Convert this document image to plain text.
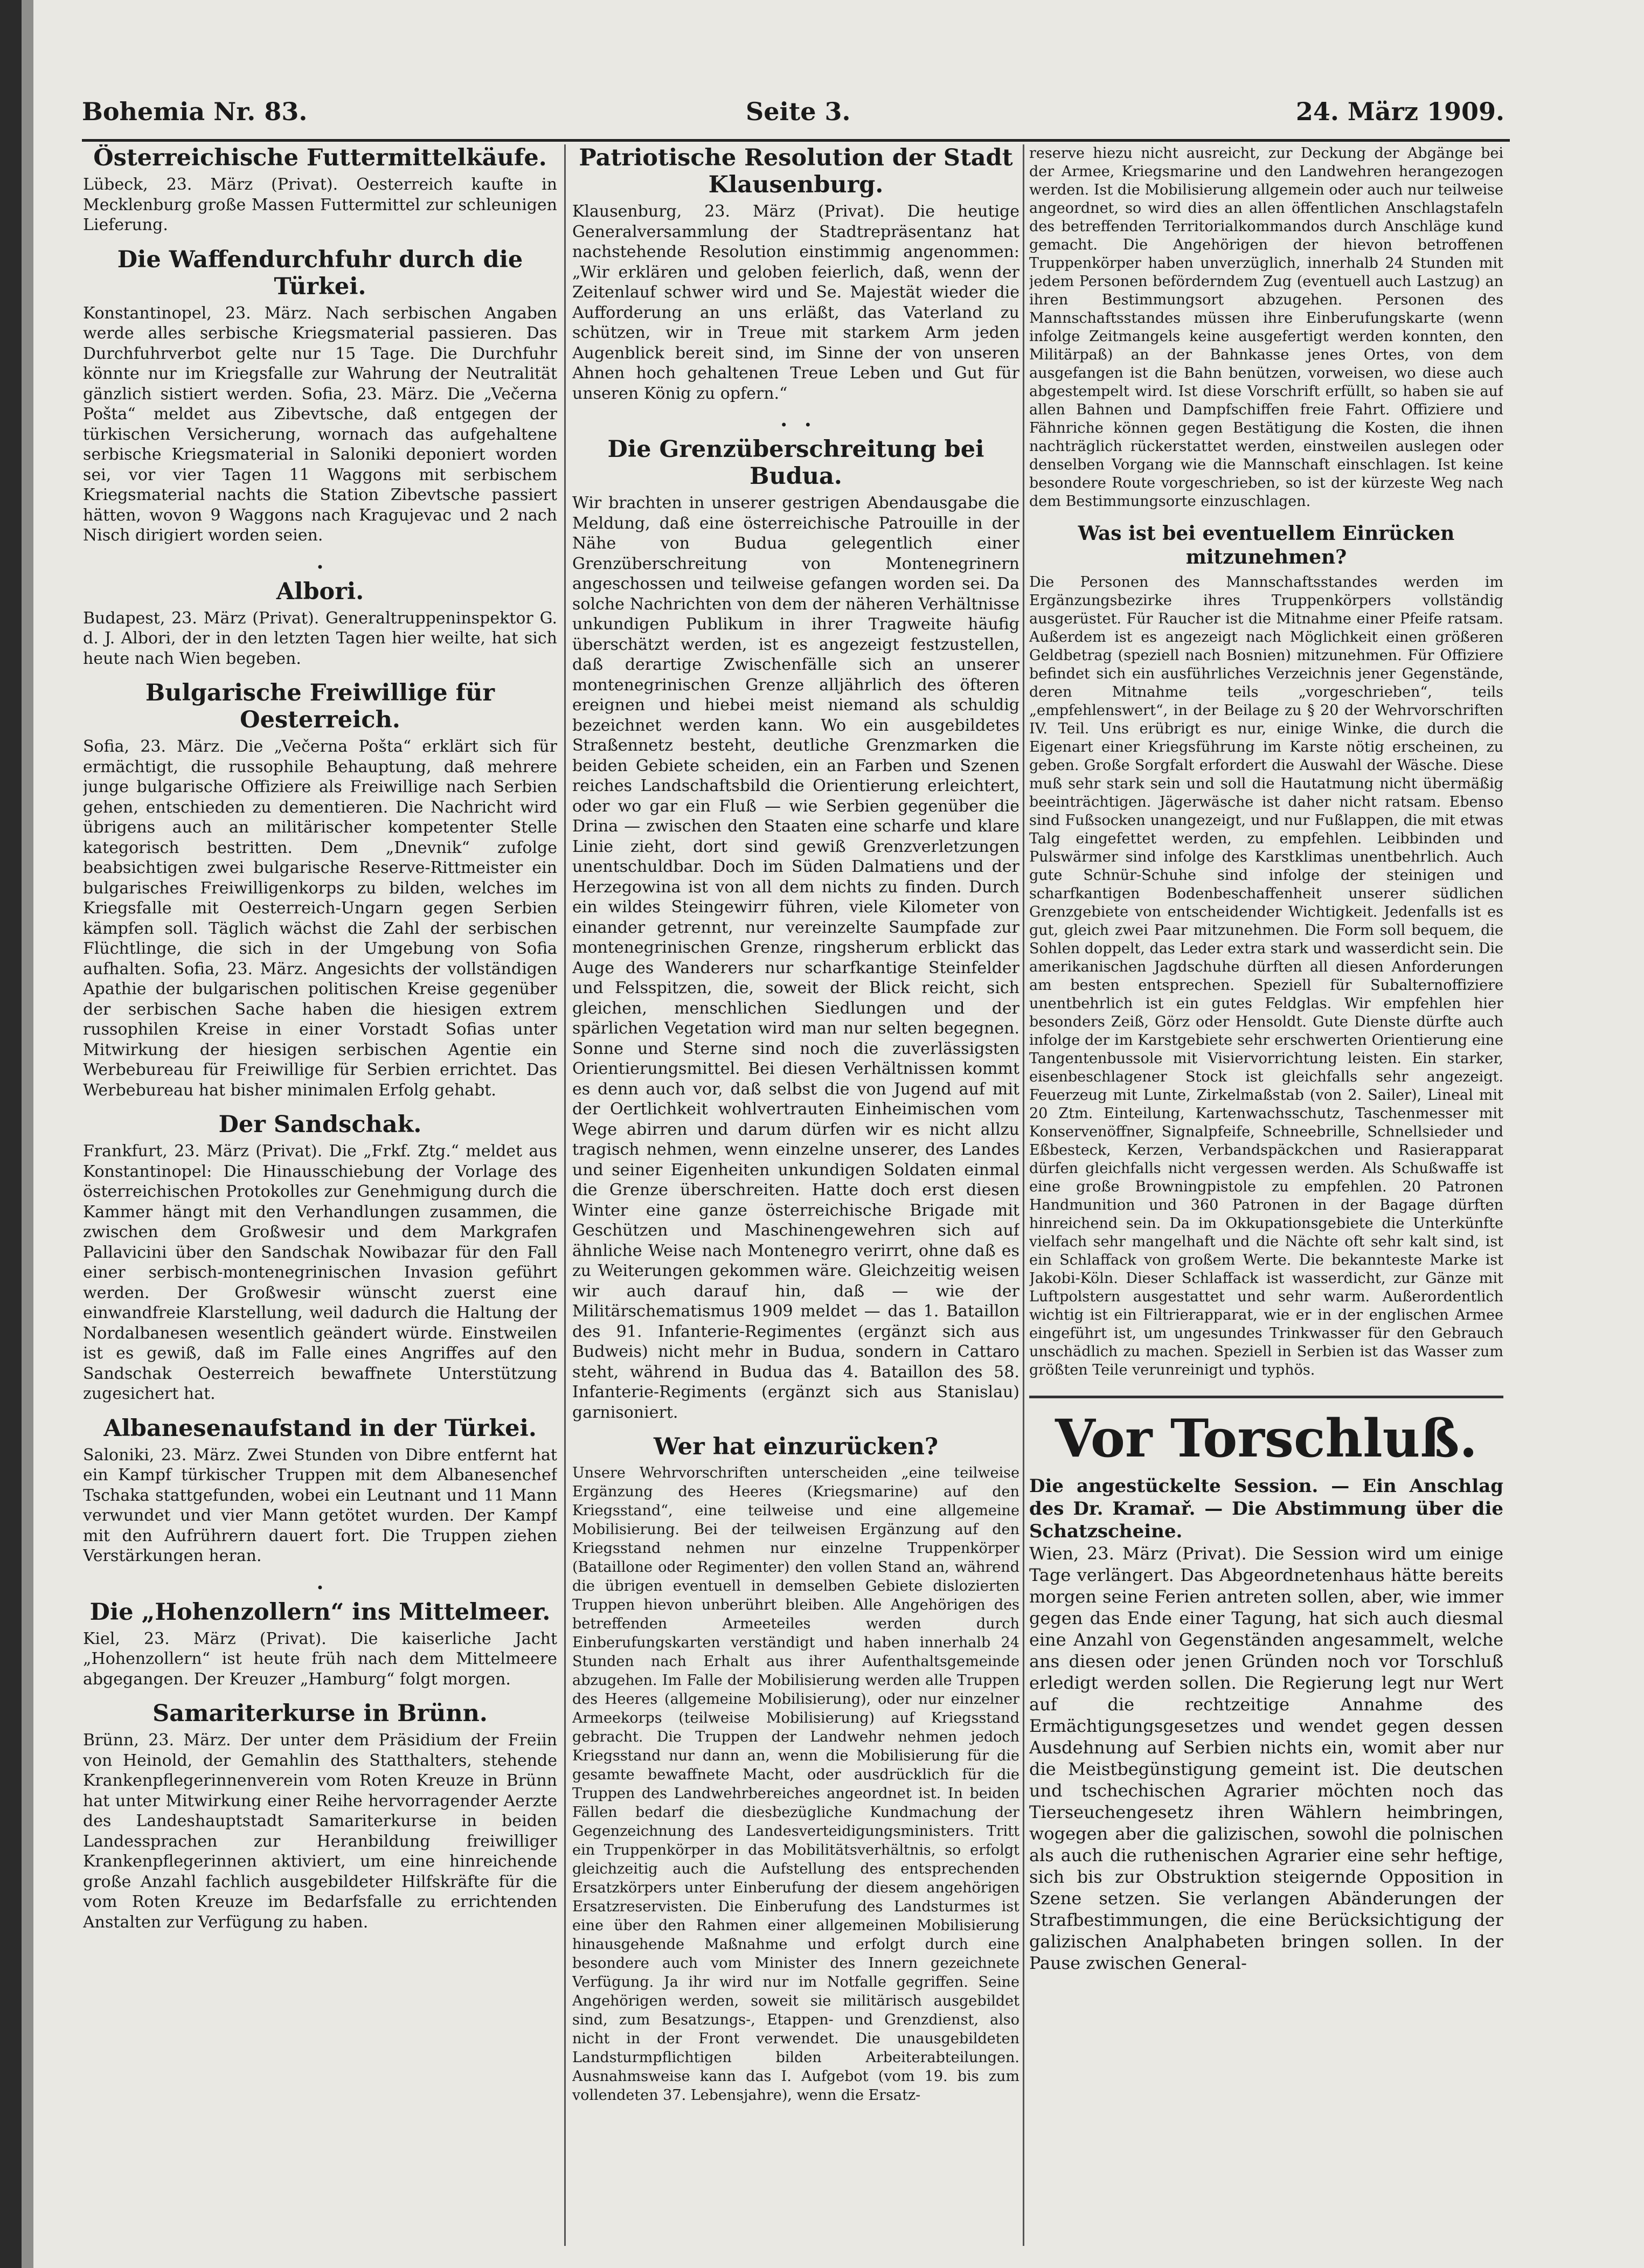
Bohemia Nr. 83.	Seite 3.	24. März 1909.
Österreichische Futtermittelkäufe.

Lübeck, 23. März (Privat). Oesterreich kaufte in Mecklenburg große Massen Futtermittel zur schleunigen Lieferung.

Die Waffendurchfuhr durch die Türkei.

Konstantinopel, 23. März. Nach serbischen Angaben werde alles serbische Kriegsmaterial passieren. Das Durchfuhrverbot gelte nur 15 Tage. Die Durchfuhr könnte nur im Kriegsfalle zur Wahrung der Neutralität gänzlich sistiert werden. Sofia, 23. März. Die „Večerna Pošta“ meldet aus Zibevtsche, daß entgegen der türkischen Versicherung, wornach das aufgehaltene serbische Kriegsmaterial in Saloniki deponiert worden sei, vor vier Tagen 11 Waggons mit serbischem Kriegsmaterial nachts die Station Zibevtsche passiert hätten, wovon 9 Waggons nach Kragujevac und 2 nach Nisch dirigiert worden seien.

•
Albori.

Budapest, 23. März (Privat). Generaltruppeninspektor G. d. J. Albori, der in den letzten Tagen hier weilte, hat sich heute nach Wien begeben.

Bulgarische Freiwillige für Oesterreich.

Sofia, 23. März. Die „Večerna Pošta“ erklärt sich für ermächtigt, die russophile Behauptung, daß mehrere junge bulgarische Offiziere als Freiwillige nach Serbien gehen, entschieden zu dementieren. Die Nachricht wird übrigens auch an militärischer kompetenter Stelle kategorisch bestritten. Dem „Dnevnik“ zufolge beabsichtigen zwei bulgarische Reserve-Rittmeister ein bulgarisches Freiwilligenkorps zu bilden, welches im Kriegsfalle mit Oesterreich-Ungarn gegen Serbien kämpfen soll. Täglich wächst die Zahl der serbischen Flüchtlinge, die sich in der Umgebung von Sofia aufhalten. Sofia, 23. März. Angesichts der vollständigen Apathie der bulgarischen politischen Kreise gegenüber der serbischen Sache haben die hiesigen extrem russophilen Kreise in einer Vorstadt Sofias unter Mitwirkung der hiesigen serbischen Agentie ein Werbebureau für Freiwillige für Serbien errichtet. Das Werbebureau hat bisher minimalen Erfolg gehabt.

Der Sandschak.

Frankfurt, 23. März (Privat). Die „Frkf. Ztg.“ meldet aus Konstantinopel: Die Hinausschiebung der Vorlage des österreichischen Protokolles zur Genehmigung durch die Kammer hängt mit den Verhandlungen zusammen, die zwischen dem Großwesir und dem Markgrafen Pallavicini über den Sandschak Nowibazar für den Fall einer serbisch-montenegrinischen Invasion geführt werden. Der Großwesir wünscht zuerst eine einwandfreie Klarstellung, weil dadurch die Haltung der Nordalbanesen wesentlich geändert würde. Einstweilen ist es gewiß, daß im Falle eines Angriffes auf den Sandschak Oesterreich bewaffnete Unterstützung zugesichert hat.

Albanesenaufstand in der Türkei.

Saloniki, 23. März. Zwei Stunden von Dibre entfernt hat ein Kampf türkischer Truppen mit dem Albanesenchef Tschaka stattgefunden, wobei ein Leutnant und 11 Mann verwundet und vier Mann getötet wurden. Der Kampf mit den Aufrührern dauert fort. Die Truppen ziehen Verstärkungen heran.

•
Die „Hohenzollern“ ins Mittelmeer.

Kiel, 23. März (Privat). Die kaiserliche Jacht „Hohenzollern“ ist heute früh nach dem Mittelmeere abgegangen. Der Kreuzer „Hamburg“ folgt morgen.

Samariterkurse in Brünn.

Brünn, 23. März. Der unter dem Präsidium der Freiin von Heinold, der Gemahlin des Statthalters, stehende Krankenpflegerinnenverein vom Roten Kreuze in Brünn hat unter Mitwirkung einer Reihe hervorragender Aerzte des Landeshauptstadt Samariterkurse in beiden Landessprachen zur Heranbildung freiwilliger Krankenpflegerinnen aktiviert, um eine hinreichende große Anzahl fachlich ausgebildeter Hilfskräfte für die vom Roten Kreuze im Bedarfsfalle zu errichtenden Anstalten zur Verfügung zu haben.

Patriotische Resolution der Stadt Klausenburg.

Klausenburg, 23. März (Privat). Die heutige Generalversammlung der Stadtrepräsentanz hat nachstehende Resolution einstimmig angenommen: „Wir erklären und geloben feierlich, daß, wenn der Zeitenlauf schwer wird und Se. Majestät wieder die Aufforderung an uns erläßt, das Vaterland zu schützen, wir in Treue mit starkem Arm jeden Augenblick bereit sind, im Sinne der von unseren Ahnen hoch gehaltenen Treue Leben und Gut für unseren König zu opfern.“

•    •
Die Grenzüberschreitung bei Budua.

Wir brachten in unserer gestrigen Abendausgabe die Meldung, daß eine österreichische Patrouille in der Nähe von Budua gelegentlich einer Grenzüberschreitung von Montenegrinern angeschossen und teilweise gefangen worden sei. Da solche Nachrichten von dem der näheren Verhältnisse unkundigen Publikum in ihrer Tragweite häufig überschätzt werden, ist es angezeigt festzustellen, daß derartige Zwischenfälle sich an unserer montenegrinischen Grenze alljährlich des öfteren ereignen und hiebei meist niemand als schuldig bezeichnet werden kann. Wo ein ausgebildetes Straßennetz besteht, deutliche Grenzmarken die beiden Gebiete scheiden, ein an Farben und Szenen reiches Landschaftsbild die Orientierung erleichtert, oder wo gar ein Fluß — wie Serbien gegenüber die Drina — zwischen den Staaten eine scharfe und klare Linie zieht, dort sind gewiß Grenzverletzungen unentschuldbar. Doch im Süden Dalmatiens und der Herzegowina ist von all dem nichts zu finden. Durch ein wildes Steingewirr führen, viele Kilometer von einander getrennt, nur vereinzelte Saumpfade zur montenegrinischen Grenze, ringsherum erblickt das Auge des Wanderers nur scharfkantige Steinfelder und Felsspitzen, die, soweit der Blick reicht, sich gleichen, menschlichen Siedlungen und der spärlichen Vegetation wird man nur selten begegnen. Sonne und Sterne sind noch die zuverlässigsten Orientierungsmittel. Bei diesen Verhältnissen kommt es denn auch vor, daß selbst die von Jugend auf mit der Oertlichkeit wohlvertrauten Einheimischen vom Wege abirren und darum dürfen wir es nicht allzu tragisch nehmen, wenn einzelne unserer, des Landes und seiner Eigenheiten unkundigen Soldaten einmal die Grenze überschreiten. Hatte doch erst diesen Winter eine ganze österreichische Brigade mit Geschützen und Maschinengewehren sich auf ähnliche Weise nach Montenegro verirrt, ohne daß es zu Weiterungen gekommen wäre. Gleichzeitig weisen wir auch darauf hin, daß — wie der Militärschematismus 1909 meldet — das 1. Bataillon des 91. Infanterie-Regimentes (ergänzt sich aus Budweis) nicht mehr in Budua, sondern in Cattaro steht, während in Budua das 4. Bataillon des 58. Infanterie-Regiments (ergänzt sich aus Stanislau) garnisoniert.

Wer hat einzurücken?

Unsere Wehrvorschriften unterscheiden „eine teilweise Ergänzung des Heeres (Kriegsmarine) auf den Kriegsstand“, eine teilweise und eine allgemeine Mobilisierung. Bei der teilweisen Ergänzung auf den Kriegsstand nehmen nur einzelne Truppenkörper (Bataillone oder Regimenter) den vollen Stand an, während die übrigen eventuell in demselben Gebiete dislozierten Truppen hievon unberührt bleiben. Alle Angehörigen des betreffenden Armeeteiles werden durch Einberufungskarten verständigt und haben innerhalb 24 Stunden nach Erhalt aus ihrer Aufenthaltsgemeinde abzugehen. Im Falle der Mobilisierung werden alle Truppen des Heeres (allgemeine Mobilisierung), oder nur einzelner Armeekorps (teilweise Mobilisierung) auf Kriegsstand gebracht. Die Truppen der Landwehr nehmen jedoch Kriegsstand nur dann an, wenn die Mobilisierung für die gesamte bewaffnete Macht, oder ausdrücklich für die Truppen des Landwehrbereiches angeordnet ist. In beiden Fällen bedarf die diesbezügliche Kundmachung der Gegenzeichnung des Landesverteidigungsministers. Tritt ein Truppenkörper in das Mobilitätsverhältnis, so erfolgt gleichzeitig auch die Aufstellung des entsprechenden Ersatzkörpers unter Einberufung der diesem angehörigen Ersatzreservisten. Die Einberufung des Landsturmes ist eine über den Rahmen einer allgemeinen Mobilisierung hinausgehende Maßnahme und erfolgt durch eine besondere auch vom Minister des Innern gezeichnete Verfügung. Ja ihr wird nur im Notfalle gegriffen. Seine Angehörigen werden, soweit sie militärisch ausgebildet sind, zum Besatzungs-, Etappen- und Grenzdienst, also nicht in der Front verwendet. Die unausgebildeten Landsturmpflichtigen bilden Arbeiterabteilungen. Ausnahmsweise kann das I. Aufgebot (vom 19. bis zum vollendeten 37. Lebensjahre), wenn die Ersatz-

reserve hiezu nicht ausreicht, zur Deckung der Abgänge bei der Armee, Kriegsmarine und den Landwehren herangezogen werden. Ist die Mobilisierung allgemein oder auch nur teilweise angeordnet, so wird dies an allen öffentlichen Anschlagstafeln des betreffenden Territorialkommandos durch Anschläge kund gemacht. Die Angehörigen der hievon betroffenen Truppenkörper haben unverzüglich, innerhalb 24 Stunden mit jedem Personen beförderndem Zug (eventuell auch Lastzug) an ihren Bestimmungsort abzugehen. Personen des Mannschaftsstandes müssen ihre Einberufungskarte (wenn infolge Zeitmangels keine ausgefertigt werden konnten, den Militärpaß) an der Bahnkasse jenes Ortes, von dem ausgefangen ist die Bahn benützen, vorweisen, wo diese auch abgestempelt wird. Ist diese Vorschrift erfüllt, so haben sie auf allen Bahnen und Dampfschiffen freie Fahrt. Offiziere und Fähnriche können gegen Bestätigung die Kosten, die ihnen nachträglich rückerstattet werden, einstweilen auslegen oder denselben Vorgang wie die Mannschaft einschlagen. Ist keine besondere Route vorgeschrieben, so ist der kürzeste Weg nach dem Bestimmungsorte einzuschlagen.

Was ist bei eventuellem Einrücken mitzunehmen?

Die Personen des Mannschaftsstandes werden im Ergänzungsbezirke ihres Truppenkörpers vollständig ausgerüstet. Für Raucher ist die Mitnahme einer Pfeife ratsam. Außerdem ist es angezeigt nach Möglichkeit einen größeren Geldbetrag (speziell nach Bosnien) mitzunehmen. Für Offiziere befindet sich ein ausführliches Verzeichnis jener Gegenstände, deren Mitnahme teils „vorgeschrieben“, teils „empfehlenswert“, in der Beilage zu § 20 der Wehrvorschriften IV. Teil. Uns erübrigt es nur, einige Winke, die durch die Eigenart einer Kriegsführung im Karste nötig erscheinen, zu geben. Große Sorgfalt erfordert die Auswahl der Wäsche. Diese muß sehr stark sein und soll die Hautatmung nicht übermäßig beeinträchtigen. Jägerwäsche ist daher nicht ratsam. Ebenso sind Fußsocken unangezeigt, und nur Fußlappen, die mit etwas Talg eingefettet werden, zu empfehlen. Leibbinden und Pulswärmer sind infolge des Karstklimas unentbehrlich. Auch gute Schnür-Schuhe sind infolge der steinigen und scharfkantigen Bodenbeschaffenheit unserer südlichen Grenzgebiete von entscheidender Wichtigkeit. Jedenfalls ist es gut, gleich zwei Paar mitzunehmen. Die Form soll bequem, die Sohlen doppelt, das Leder extra stark und wasserdicht sein. Die amerikanischen Jagdschuhe dürften all diesen Anforderungen am besten entsprechen. Speziell für Subalternoffiziere unentbehrlich ist ein gutes Feldglas. Wir empfehlen hier besonders Zeiß, Görz oder Hensoldt. Gute Dienste dürfte auch infolge der im Karstgebiete sehr erschwerten Orientierung eine Tangentenbussole mit Visiervorrichtung leisten. Ein starker, eisenbeschlagener Stock ist gleichfalls sehr angezeigt. Feuerzeug mit Lunte, Zirkelmaßstab (von 2. Sailer), Lineal mit 20 Ztm. Einteilung, Kartenwachsschutz, Taschenmesser mit Konservenöffner, Signalpfeife, Schneebrille, Schnellsieder und Eßbesteck, Kerzen, Verbandspäckchen und Rasierapparat dürfen gleichfalls nicht vergessen werden. Als Schußwaffe ist eine große Browningpistole zu empfehlen. 20 Patronen Handmunition und 360 Patronen in der Bagage dürften hinreichend sein. Da im Okkupationsgebiete die Unterkünfte vielfach sehr mangelhaft und die Nächte oft sehr kalt sind, ist ein Schlaffack von großem Werte. Die bekannteste Marke ist Jakobi-Köln. Dieser Schlaffack ist wasserdicht, zur Gänze mit Luftpolstern ausgestattet und sehr warm. Außerordentlich wichtig ist ein Filtrierapparat, wie er in der englischen Armee eingeführt ist, um ungesundes Trinkwasser für den Gebrauch unschädlich zu machen. Speziell in Serbien ist das Wasser zum größten Teile verunreinigt und typhös.

Vor Torschluß.
Die angestückelte Session. — Ein Anschlag des Dr. Kramař. — Die Abstimmung über die Schatzscheine.

Wien, 23. März (Privat). Die Session wird um einige Tage verlängert. Das Abgeordnetenhaus hätte bereits morgen seine Ferien antreten sollen, aber, wie immer gegen das Ende einer Tagung, hat sich auch diesmal eine Anzahl von Gegenständen angesammelt, welche ans diesen oder jenen Gründen noch vor Torschluß erledigt werden sollen. Die Regierung legt nur Wert auf die rechtzeitige Annahme des Ermächtigungsgesetzes und wendet gegen dessen Ausdehnung auf Serbien nichts ein, womit aber nur die Meistbegünstigung gemeint ist. Die deutschen und tschechischen Agrarier möchten noch das Tierseuchengesetz ihren Wählern heimbringen, wogegen aber die galizischen, sowohl die polnischen als auch die ruthenischen Agrarier eine sehr heftige, sich bis zur Obstruktion steigernde Opposition in Szene setzen. Sie verlangen Abänderungen der Strafbestimmungen, die eine Berücksichtigung der galizischen Analphabeten bringen sollen. In der Pause zwischen General-
